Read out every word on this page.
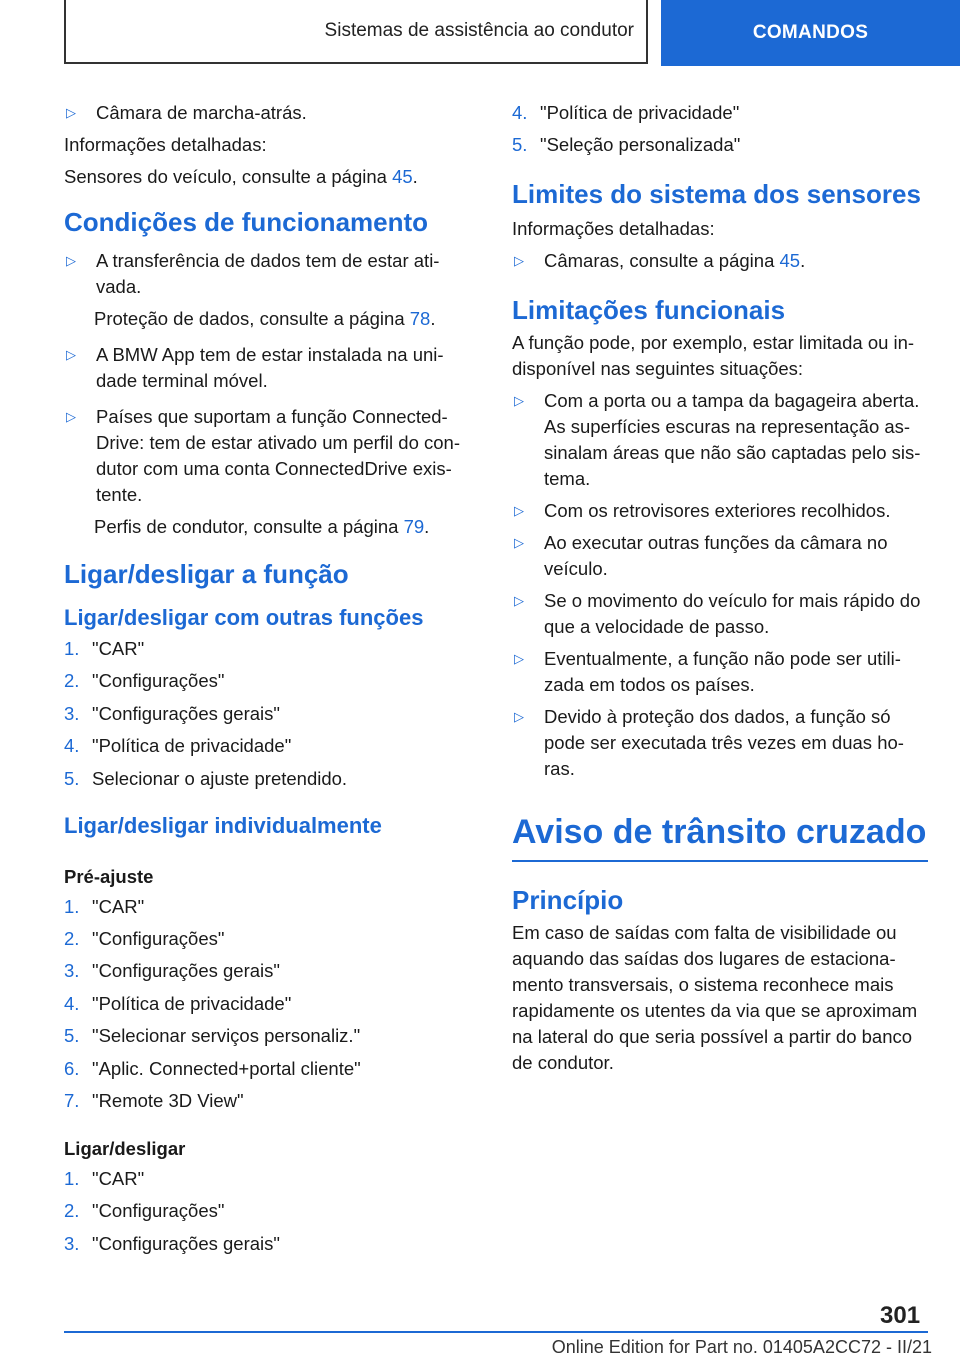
Sistemas de assistência ao condutor	COMANDOS
▷	Câmara de marcha-atrás.

Informações detalhadas:

Sensores do veículo, consulte a página 45.

Condições de funcionamento
▷	A transferência de dados tem de estar ati-vada.

Proteção de dados, consulte a página 78.

▷	A BMW App tem de estar instalada na uni-dade terminal móvel.
▷	Países que suportam a função Connected-Drive: tem de estar ativado um perfil do con-dutor com uma conta ConnectedDrive exis-tente.

Perfis de condutor, consulte a página 79.

Ligar/desligar a função
Ligar/desligar com outras funções
1. "CAR"
2. "Configurações"
3. "Configurações gerais"
4. "Política de privacidade"
5. Selecionar o ajuste pretendido.
Ligar/desligar individualmente

Pré-ajuste

1. "CAR"
2. "Configurações"
3. "Configurações gerais"
4. "Política de privacidade"
5. "Selecionar serviços personaliz."
6. "Aplic. Connected+portal cliente"
7. "Remote 3D View"

Ligar/desligar

1. "CAR"
2. "Configurações"
3. "Configurações gerais"
4. "Política de privacidade"
5. "Seleção personalizada"
Limites do sistema dos sensores

Informações detalhadas:

▷	Câmaras, consulte a página 45.
Limitações funcionais

A função pode, por exemplo, estar limitada ou in-disponível nas seguintes situações:

▷	Com a porta ou a tampa da bagageira aberta. As superfícies escuras na representação as-sinalam áreas que não são captadas pelo sis-tema.
▷	Com os retrovisores exteriores recolhidos.
▷	Ao executar outras funções da câmara no veículo.
▷	Se o movimento do veículo for mais rápido do que a velocidade de passo.
▷	Eventualmente, a função não pode ser utili-zada em todos os países.
▷	Devido à proteção dos dados, a função só pode ser executada três vezes em duas ho-ras.
Aviso de trânsito cruzado
Princípio

Em caso de saídas com falta de visibilidade ou aquando das saídas dos lugares de estaciona-mento transversais, o sistema reconhece mais rapidamente os utentes da via que se aproximam na lateral do que seria possível a partir do banco de condutor.

301
Online Edition for Part no. 01405A2CC72 - II/21
